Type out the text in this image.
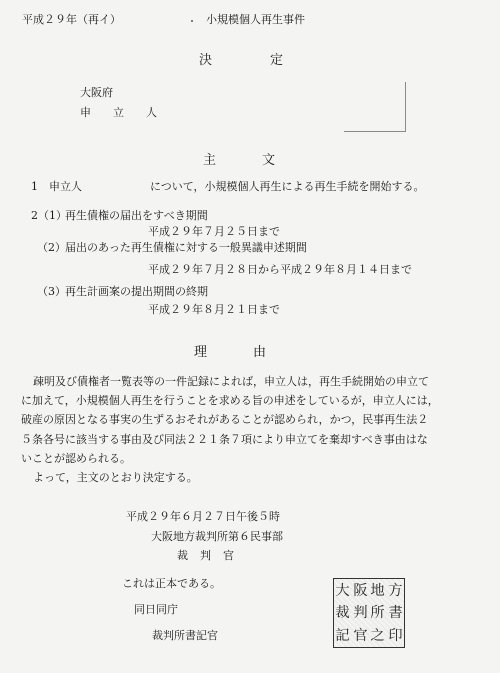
平成２９年（再イ）	小規模個人再生事件
決定
大阪府
申立人
主文
1　申立人	について，小規模個人再生による再生手続を開始する。
2（1）
再生債権の届出をすべき期間
平成２９年７月２５日まで
（2） 届出のあった再生債権に対する一般異議申述期間
平成２９年７月２８日から平成２９年８月１４日まで
（3） 再生計画案の提出期間の終期
平成２９年８月２１日まで
理由
疎明及び債権者一覧表等の一件記録によれば，申立人は，再生手続開始の申立て
に加えて，小規模個人再生を行うことを求める旨の申述をしているが，申立人には，
破産の原因となる事実の生ずるおそれがあることが認められ，かつ，民事再生法２
５条各号に該当する事由及び同法２２１条７項により申立てを棄却すべき事由はな
いことが認められる。
よって，主文のとおり決定する。
平成２９年６月２７日午後５時
大阪地方裁判所第６民事部
裁判官
これは正本である。
同日同庁
裁判所書記官
大 阪 地 方
裁 判 所 書
記 官 之 印
